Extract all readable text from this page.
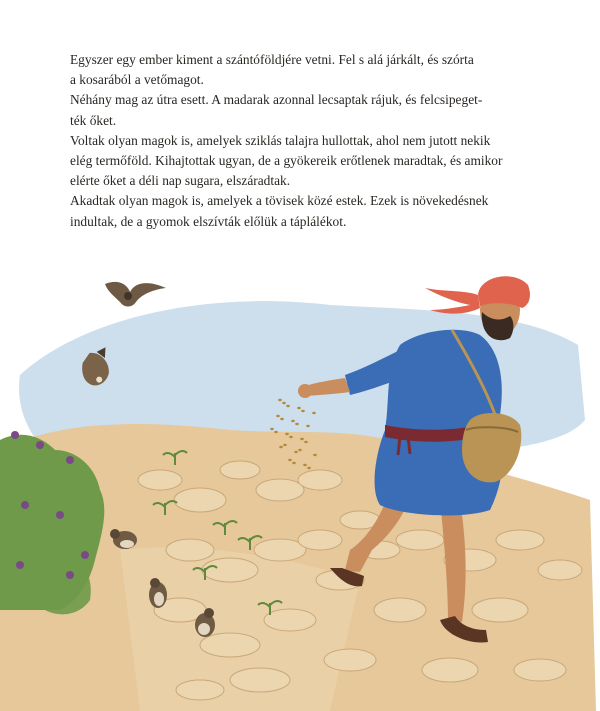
Egyszer egy ember kiment a szántóföldjére vetni. Fel s alá járkált, és szórta
a kosarából a vetőmagot.

Néhány mag az útra esett. A madarak azonnal lecsaptak rájuk, és felcsipeget-
ték őket.

Voltak olyan magok is, amelyek sziklás talajra hullottak, ahol nem jutott nekik
elég termőföld. Kihajtottak ugyan, de a gyökereik erőtlenek maradtak, és amikor
elérte őket a déli nap sugara, elszáradtak.

Akadtak olyan magok is, amelyek a tövisek közé estek. Ezek is növekedésnek
indultak, de a gyomok elszívták előlük a táplálékot.
